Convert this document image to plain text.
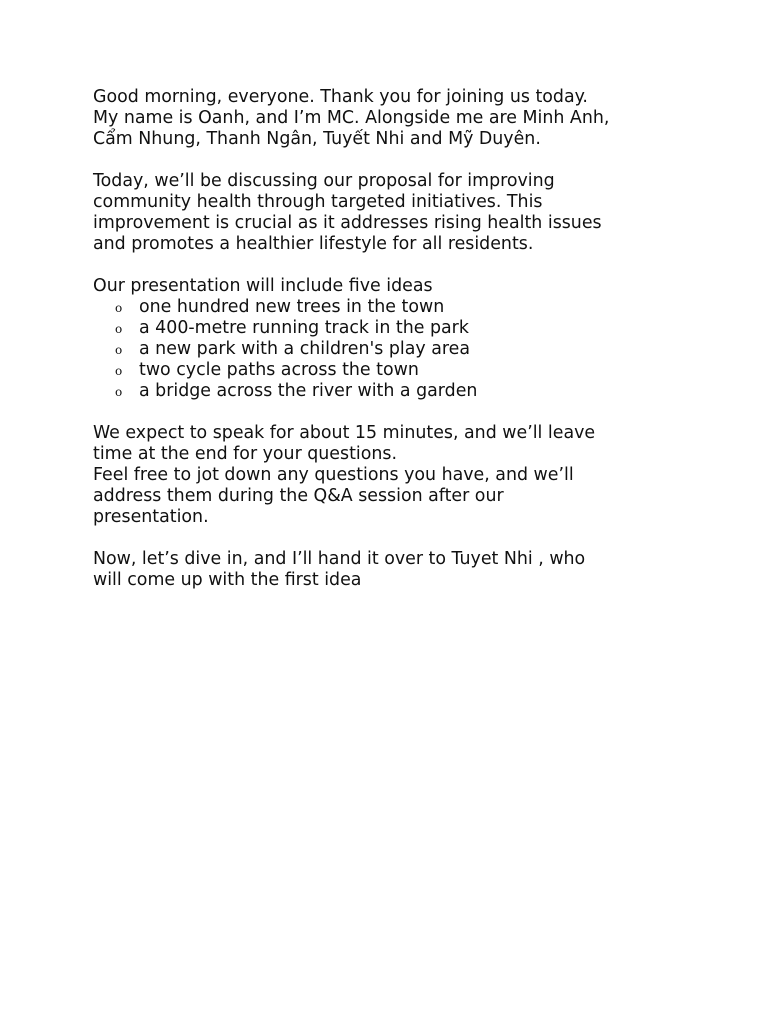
Good morning, everyone. Thank you for joining us today.
My name is Oanh, and I’m MC. Alongside me are Minh Anh,
Cẩm Nhung, Thanh Ngân, Tuyết Nhi and Mỹ Duyên.

Today, we’ll be discussing our proposal for improving
community health through targeted initiatives. This
improvement is crucial as it addresses rising health issues
and promotes a healthier lifestyle for all residents.

Our presentation will include five ideas
o one hundred new trees in the town
o a 400-metre running track in the park
o a new park with a children's play area
o two cycle paths across the town
o a bridge across the river with a garden

We expect to speak for about 15 minutes, and we’ll leave
time at the end for your questions.
Feel free to jot down any questions you have, and we’ll
address them during the Q&A session after our
presentation.

Now, let’s dive in, and I’ll hand it over to Tuyet Nhi , who
will come up with the first idea
